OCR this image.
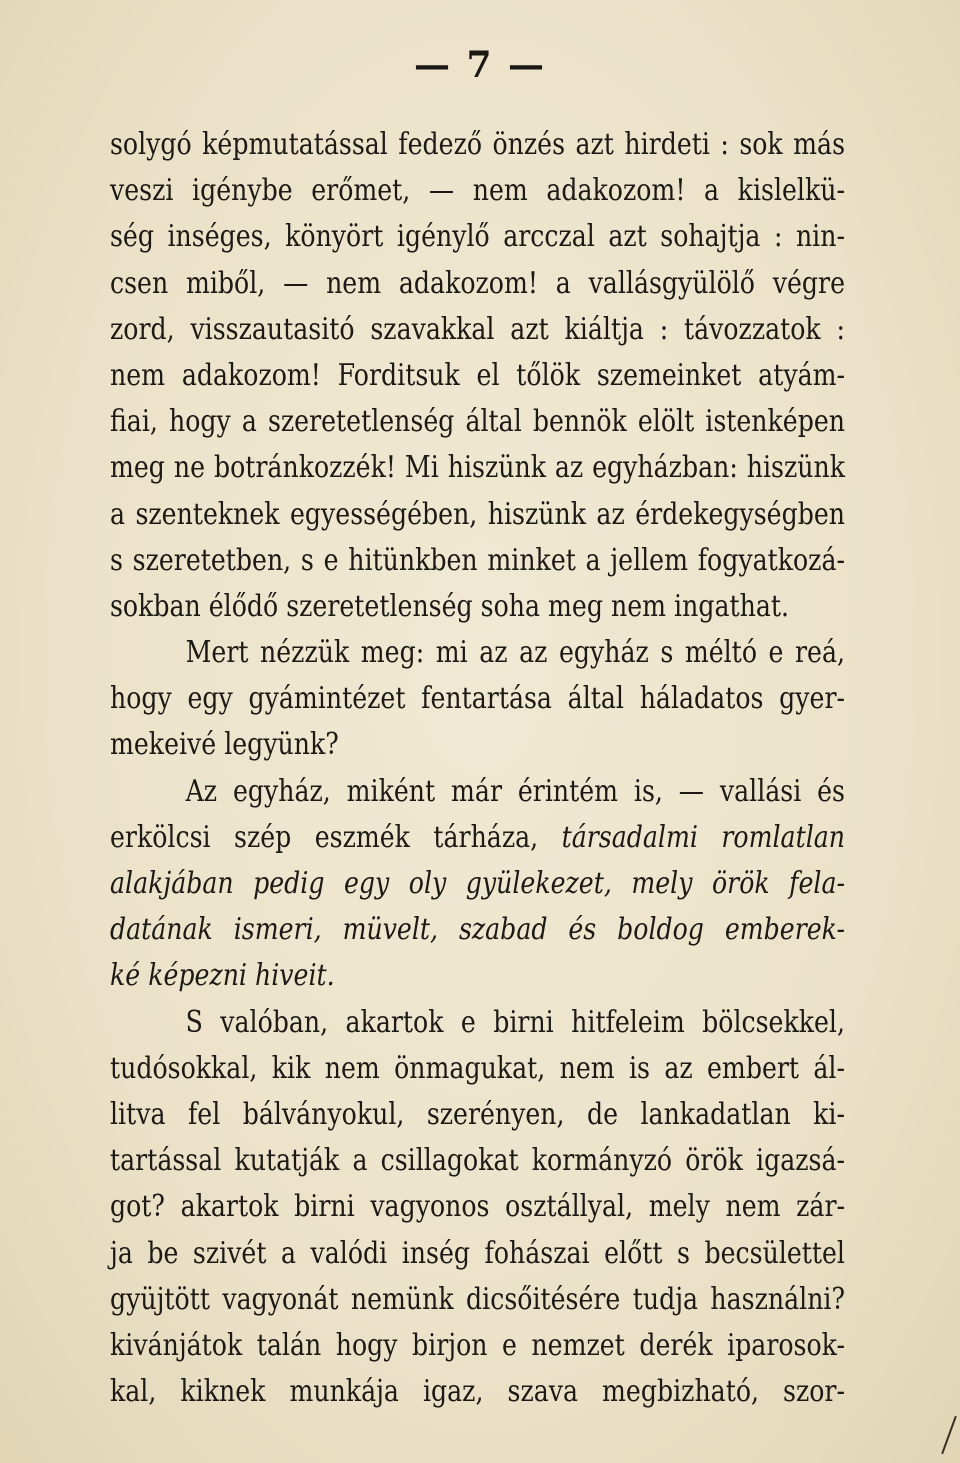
— 7 —
solygó képmutatással fedező önzés azt hirdeti : sok más
veszi igénybe erőmet, — nem adakozom! a kislelkü-
ség inséges, könyört igénylő arcczal azt sohajtja : nin-
csen miből, — nem adakozom! a vallásgyülölő végre
zord, visszautasitó szavakkal azt kiáltja : távozzatok :
nem adakozom! Forditsuk el tőlök szemeinket atyám-
fiai, hogy a szeretetlenség által bennök elölt istenképen
meg ne botránkozzék! Mi hiszünk az egyházban: hiszünk
a szenteknek egyességében, hiszünk az érdekegységben
s szeretetben, s e hitünkben minket a jellem fogyatkozá-
sokban élődő szeretetlenség soha meg nem ingathat.
Mert nézzük meg: mi az az egyház s méltó e reá,
hogy egy gyámintézet fentartása által háladatos gyer-
mekeivé legyünk?
Az egyház, miként már érintém is, — vallási és
erkölcsi szép eszmék tárháza, társadalmi romlatlan
alakjában pedig egy oly gyülekezet, mely örök fela-
datának ismeri, müvelt, szabad és boldog emberek-
ké képezni hiveit.
S valóban, akartok e birni hitfeleim bölcsekkel,
tudósokkal, kik nem önmagukat, nem is az embert ál-
litva fel bálványokul, szerényen, de lankadatlan ki-
tartással kutatják a csillagokat kormányzó örök igazsá-
got? akartok birni vagyonos osztállyal, mely nem zár-
ja be szivét a valódi inség fohászai előtt s becsülettel
gyüjtött vagyonát nemünk dicsőitésére tudja használni?
kivánjátok talán hogy birjon e nemzet derék iparosok-
kal, kiknek munkája igaz, szava megbizható, szor-
